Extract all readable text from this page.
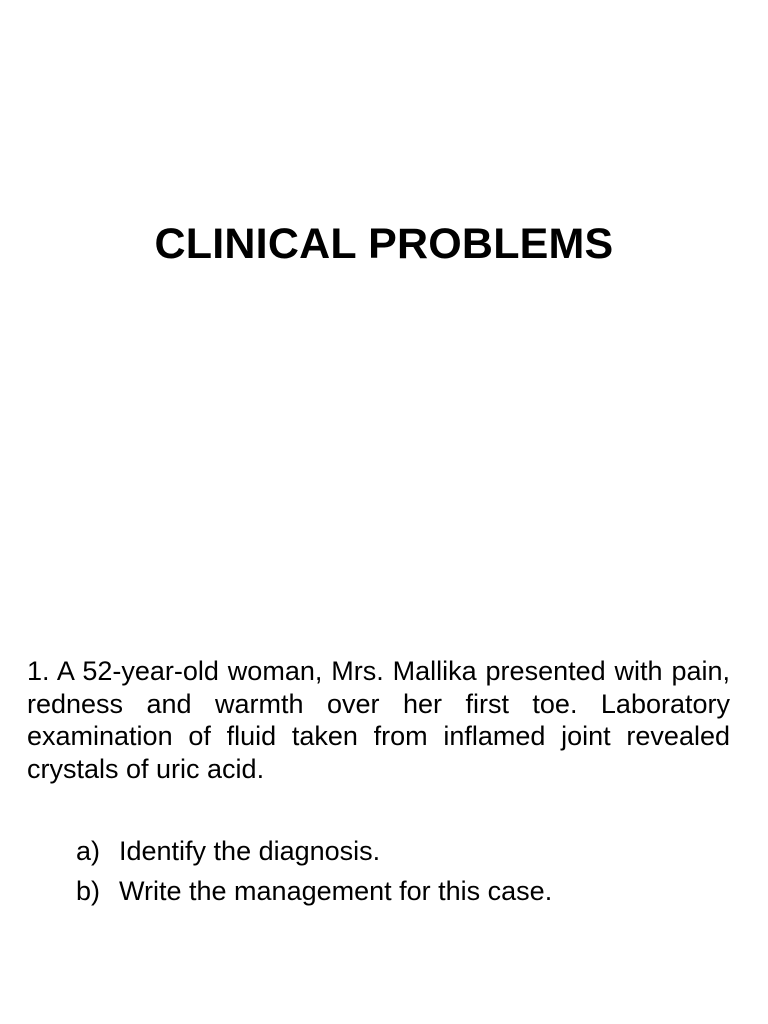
CLINICAL PROBLEMS

1. A 52-year-old woman, Mrs. Mallika presented with pain, redness and warmth over her first toe. Laboratory examination of fluid taken from inflamed joint revealed crystals of uric acid.

a) Identify the diagnosis.
b) Write the management for this case.
